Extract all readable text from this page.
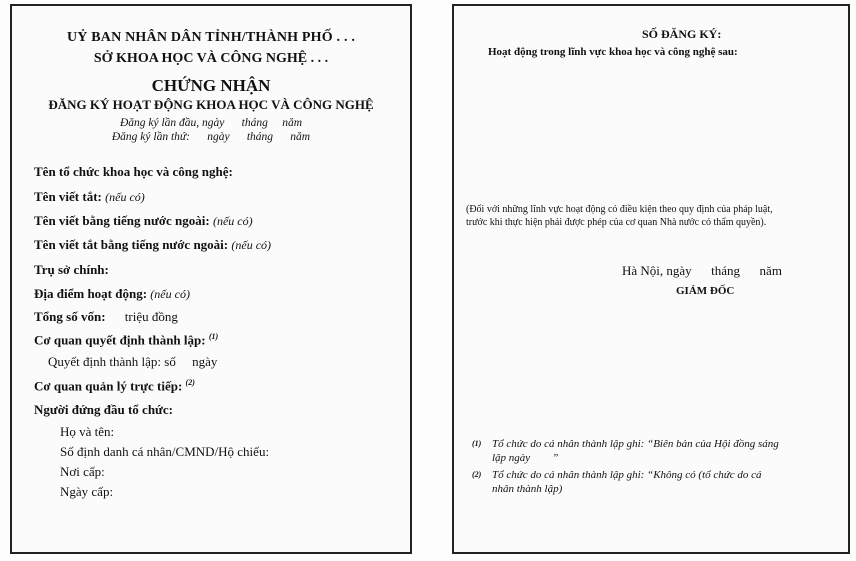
UỶ BAN NHÂN DÂN TỈNH/THÀNH PHỐ . . .
SỞ KHOA HỌC VÀ CÔNG NGHỆ . . .
CHỨNG NHẬN
ĐĂNG KÝ HOẠT ĐỘNG KHOA HỌC VÀ CÔNG NGHỆ
Đăng ký lần đầu, ngày      tháng     năm
Đăng ký lần thứ:      ngày      tháng      năm
Tên tổ chức khoa học và công nghệ:
Tên viết tắt: (nếu có)
Tên viết bằng tiếng nước ngoài: (nếu có)
Tên viết tắt bằng tiếng nước ngoài: (nếu có)
Trụ sở chính:
Địa điểm hoạt động: (nếu có)
Tổng số vốn: triệu đồng
Cơ quan quyết định thành lập: $^{(1)}$
Quyết định thành lập: số     ngày
Cơ quan quản lý trực tiếp: $^{(2)}$
Người đứng đầu tổ chức:
Họ và tên:
Số định danh cá nhân/CMND/Hộ chiếu:
Nơi cấp:
Ngày cấp:
SỐ ĐĂNG KÝ:
Hoạt động trong lĩnh vực khoa học và công nghệ sau:
(Đối với những lĩnh vực hoạt động có điều kiện theo quy định của pháp luật,
trước khi thực hiện phải được phép của cơ quan Nhà nước có thẩm quyền).
Hà Nội, ngày      tháng      năm
GIÁM ĐỐC
(1) Tổ chức do cá nhân thành lập ghi: “Biên bản của Hội đồng sáng
lập ngày        ”
(2) Tổ chức do cá nhân thành lập ghi: “Không có (tổ chức do cá
nhân thành lập)
